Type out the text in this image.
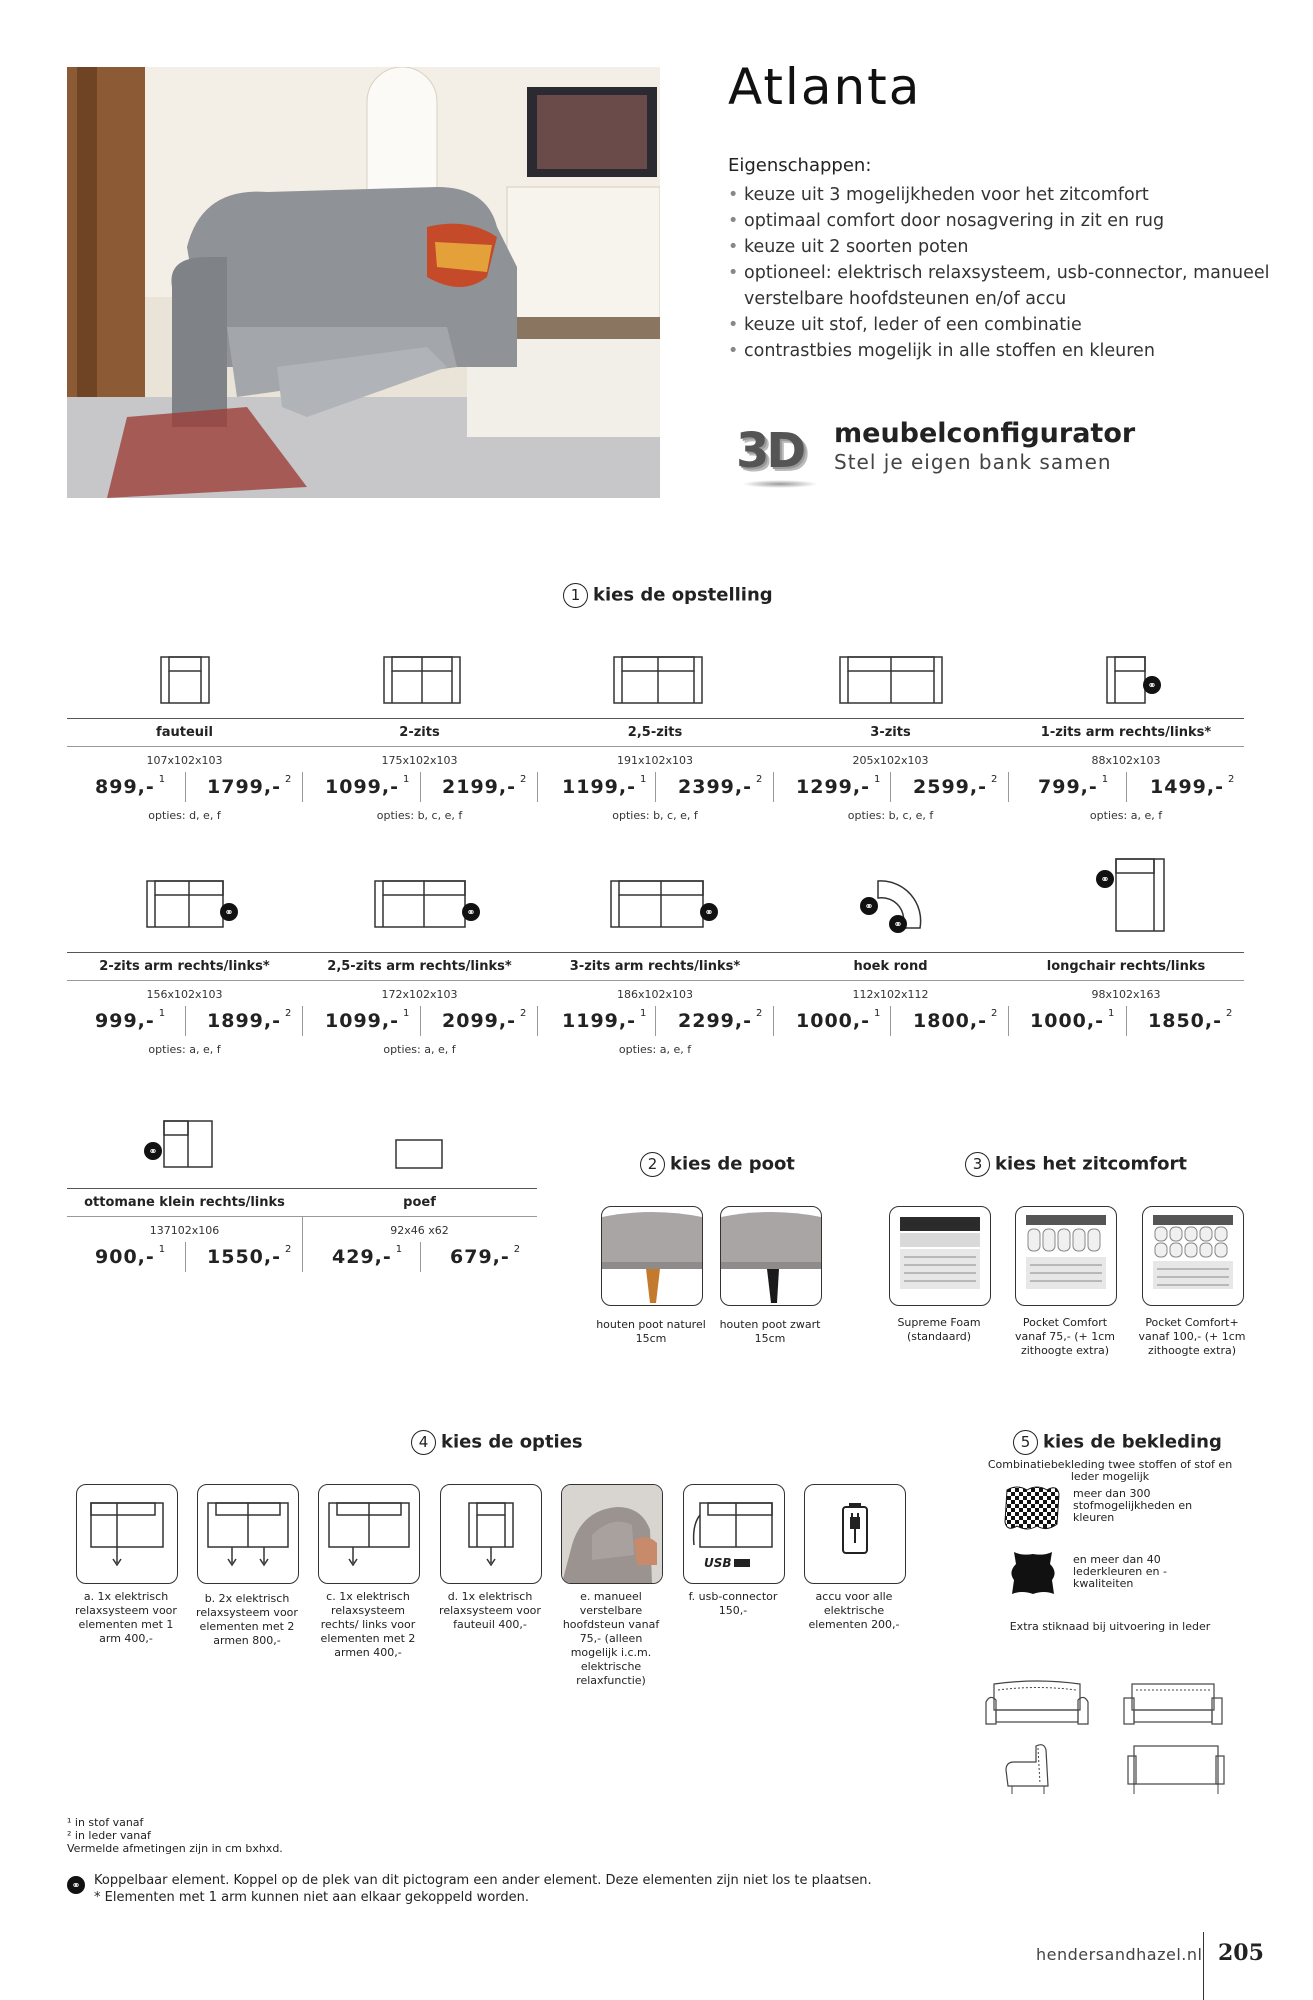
Atlanta
Eigenschappen:
• keuze uit 3 mogelijkheden voor het zitcomfort
• optimaal comfort door nosagvering in zit en rug
• keuze uit 2 soorten poten
• optioneel: elektrisch relaxsysteem, usb-connector, manueel verstelbare hoofdsteunen en/of accu
• keuze uit stof, leder of een combinatie
• contrastbies mogelijk in alle stoffen en kleuren
3D meubelconfigurator
Stel je eigen bank samen
1 kies de opstelling
⚭
fauteuil	2-zits	2,5-zits	3-zits	1-zits arm rechts/links*
107x102x103	175x102x103	191x102x103	205x102x103	88x102x103
899,- $^1$ 1799,- $^2$ 1099,- $^1$ 2199,- $^2$ 1199,- $^1$ 2399,- $^2$ 1299,- $^1$ 2599,- $^2$ 799,- $^1$ 1499,- $^2$
opties: d, e, f	opties: b, c, e, f	opties: b, c, e, f	opties: b, c, e, f	opties: a, e, f
⚭	⚭	⚭	⚭
⚭
⚭
2-zits arm rechts/links*	2,5-zits arm rechts/links*	3-zits arm rechts/links*	hoek rond	longchair rechts/links
156x102x103	172x102x103	186x102x103	112x102x112	98x102x163
999,- $^1$ 1899,- $^2$ 1099,- $^1$ 2099,- $^2$ 1199,- $^1$ 2299,- $^2$ 1000,- $^1$ 1800,- $^2$ 1000,- $^1$ 1850,- $^2$
opties: a, e, f	opties: a, e, f	opties: a, e, f
⚭
ottomane klein rechts/links	poef
137102x106	92x46 x62
900,- $^1$ 1550,- $^2$ 429,- $^1$ 679,- $^2$
2 kies de poot
houten poot naturel 15cm
houten poot zwart 15cm
3 kies het zitcomfort
Supreme Foam (standaard)
Pocket Comfort vanaf 75,- (+ 1cm zithoogte extra)
Pocket Comfort+ vanaf 100,- (+ 1cm zithoogte extra)
4 kies de opties
USB
a. 1x elektrisch relaxsysteem voor elementen met 1 arm 400,-
b. 2x elektrisch relaxsysteem voor elementen met 2 armen 800,-
c. 1x elektrisch relaxsysteem rechts/ links voor elementen met 2 armen 400,-
d. 1x elektrisch relaxsysteem voor fauteuil 400,-
e. manueel verstelbare hoofdsteun vanaf 75,- (alleen mogelijk i.c.m. elektrische relaxfunctie)
f. usb-connector 150,-
accu voor alle elektrische elementen 200,-
5 kies de bekleding
Combinatiebekleding twee stoffen of stof en leder mogelijk
meer dan 300 stofmogelijkheden en kleuren
en meer dan 40 lederkleuren en -kwaliteiten
Extra stiknaad bij uitvoering in leder
¹ in stof vanaf
² in leder vanaf
Vermelde afmetingen zijn in cm bxhxd.
⚭ Koppelbaar element. Koppel op de plek van dit pictogram een ander element. Deze elementen zijn niet los te plaatsen.
* Elementen met 1 arm kunnen niet aan elkaar gekoppeld worden.
hendersandhazel.nl 205
